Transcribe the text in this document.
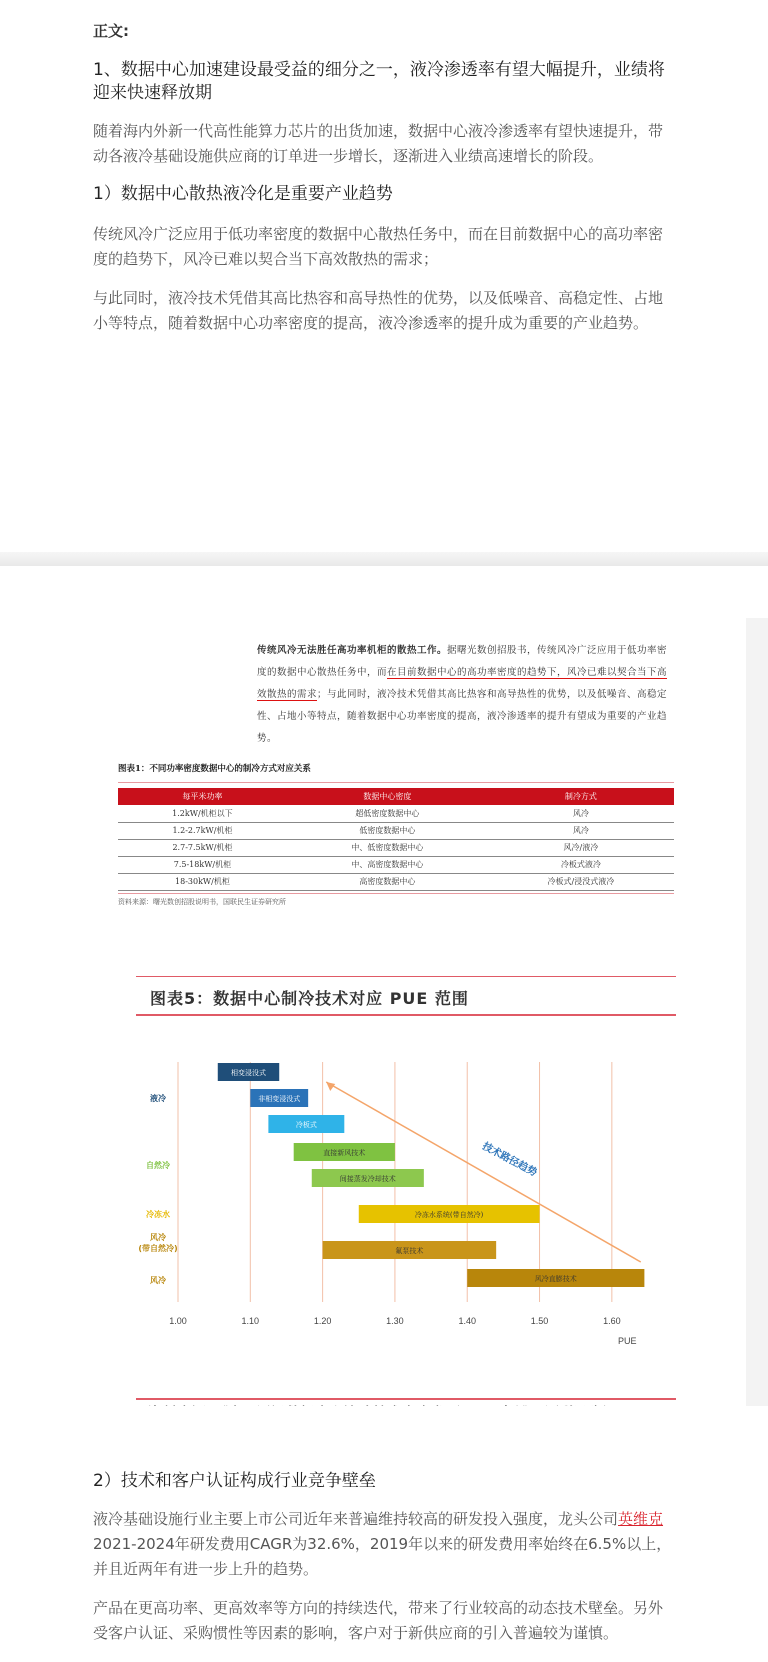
正文:
1、数据中心加速建设最受益的细分之一，液冷渗透率有望大幅提升，业绩将迎来快速释放期
随着海内外新一代高性能算力芯片的出货加速，数据中心液冷渗透率有望快速提升，带动各液冷基础设施供应商的订单进一步增长，逐渐进入业绩高速增长的阶段。
1）数据中心散热液冷化是重要产业趋势
传统风冷广泛应用于低功率密度的数据中心散热任务中，而在目前数据中心的高功率密度的趋势下，风冷已难以契合当下高效散热的需求；
与此同时，液冷技术凭借其高比热容和高导热性的优势，以及低噪音、高稳定性、占地小等特点，随着数据中心功率密度的提高，液冷渗透率的提升成为重要的产业趋势。
传统风冷无法胜任高功率机柜的散热工作。据曙光数创招股书，传统风冷广泛应用于低功率密度的数据中心散热任务中，而在目前数据中心的高功率密度的趋势下，风冷已难以契合当下高效散热的需求；与此同时，液冷技术凭借其高比热容和高导热性的优势，以及低噪音、高稳定性、占地小等特点，随着数据中心功率密度的提高，液冷渗透率的提升有望成为重要的产业趋势。
图表1：不同功率密度数据中心的制冷方式对应关系
每平米功率	数据中心密度	制冷方式
1.2kW/机柜以下	超低密度数据中心	风冷
1.2-2.7kW/机柜	低密度数据中心	风冷
2.7-7.5kW/机柜	中、低密度数据中心	风冷/液冷
7.5-18kW/机柜	中、高密度数据中心	冷板式液冷
18-30kW/机柜	高密度数据中心	冷板式/浸没式液冷
资料来源：曙光数创招股说明书，国联民生证券研究所
图表5：数据中心制冷技术对应 PUE 范围
1.00	1.10	1.20	1.30	1.40	1.50	1.60
PUE
相变浸没式
非相变浸没式
冷板式
直接新风技术
间接蒸发冷却技术
冷冻水系统(带自然冷)
氟泵技术
风冷直膨技术
液冷
自然冷
冷冻水
风冷
(带自然冷)
风冷
技术路径趋势
2）技术和客户认证构成行业竞争壁垒
液冷基础设施行业主要上市公司近年来普遍维持较高的研发投入强度，龙头公司英维克2021-2024年研发费用CAGR为32.6%，2019年以来的研发费用率始终在6.5%以上，并且近两年有进一步上升的趋势。
产品在更高功率、更高效率等方向的持续迭代，带来了行业较高的动态技术壁垒。另外受客户认证、采购惯性等因素的影响，客户对于新供应商的引入普遍较为谨慎。
